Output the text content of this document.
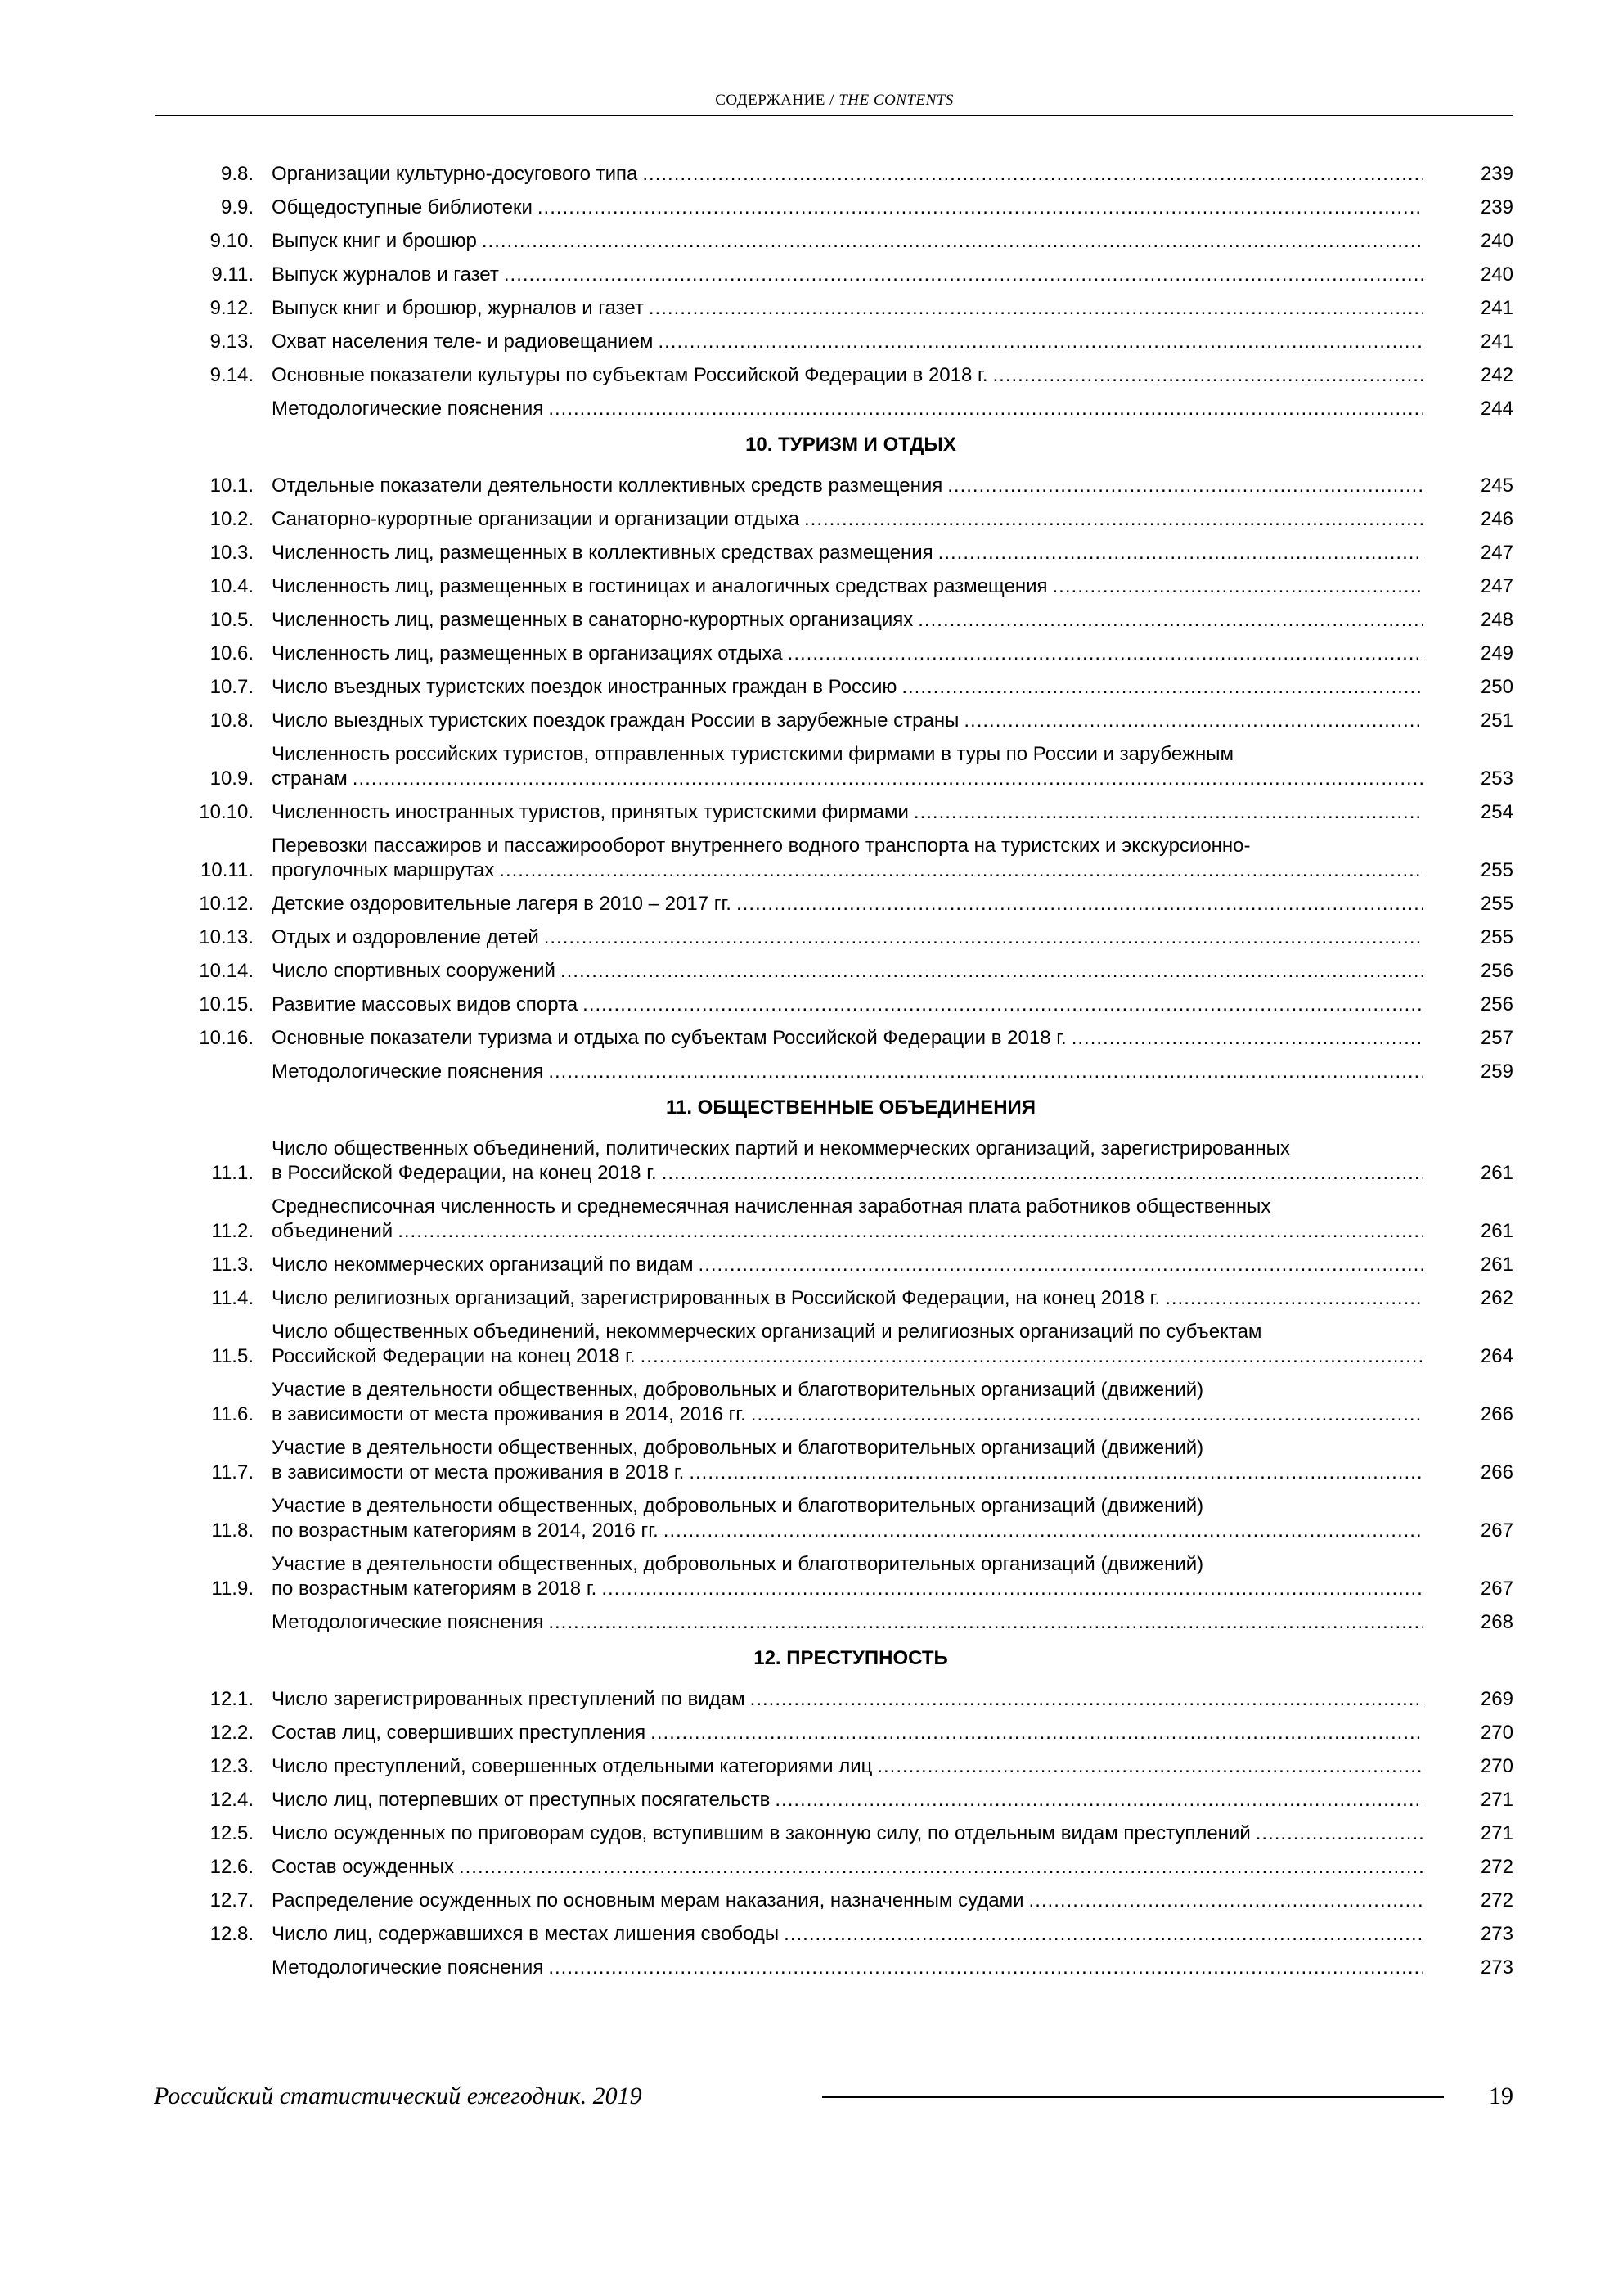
СОДЕРЖАНИЕ / THE CONTENTS
9.8. Организации культурно-досугового типа .....	239
9.9. Общедоступные библиотеки .....	239
9.10. Выпуск книг и брошюр .....	240
9.11. Выпуск журналов и газет .....	240
9.12. Выпуск книг и брошюр, журналов и газет .....	241
9.13. Охват населения теле- и радиовещанием .....	241
9.14. Основные показатели культуры по субъектам Российской Федерации в 2018 г. .....	242
Методологические пояснения .....	244
10. ТУРИЗМ И ОТДЫХ
10.1. Отдельные показатели деятельности коллективных средств размещения .....	245
10.2. Санаторно-курортные организации и организации отдыха .....	246
10.3. Численность лиц, размещенных в коллективных средствах размещения .....	247
10.4. Численность лиц, размещенных в гостиницах и аналогичных средствах размещения .....	247
10.5. Численность лиц, размещенных в санаторно-курортных организациях .....	248
10.6. Численность лиц, размещенных в организациях отдыха .....	249
10.7. Число въездных туристских поездок иностранных граждан в Россию .....	250
10.8. Число выездных туристских поездок граждан России в зарубежные страны .....	251
10.9.
Численность российских туристов, отправленных туристскими фирмами в туры по России и зарубежным
странам .....	253
10.10. Численность иностранных туристов, принятых туристскими фирмами .....	254
10.11.
Перевозки пассажиров и пассажирооборот внутреннего водного транспорта на туристских и экскурсионно-
прогулочных маршрутах .....	255
10.12. Детские оздоровительные лагеря в 2010 – 2017 гг. .....	255
10.13. Отдых и оздоровление детей .....	255
10.14. Число спортивных сооружений .....	256
10.15. Развитие массовых видов спорта .....	256
10.16. Основные показатели туризма и отдыха по субъектам Российской Федерации в 2018 г. .....	257
Методологические пояснения .....	259
11. ОБЩЕСТВЕННЫЕ ОБЪЕДИНЕНИЯ
11.1.
Число общественных объединений, политических партий и некоммерческих организаций, зарегистрированных
в Российской Федерации, на конец 2018 г. .....	261
11.2.
Среднесписочная численность и среднемесячная начисленная заработная плата работников общественных
объединений .....	261
11.3. Число некоммерческих организаций по видам .....	261
11.4. Число религиозных организаций, зарегистрированных в Российской Федерации, на конец 2018 г. .....	262
11.5.
Число общественных объединений, некоммерческих организаций и религиозных организаций по субъектам
Российской Федерации на конец 2018 г. .....	264
11.6.
Участие в деятельности общественных, добровольных и благотворительных организаций (движений)
в зависимости от места проживания в 2014, 2016 гг. .....	266
11.7.
Участие в деятельности общественных, добровольных и благотворительных организаций (движений)
в зависимости от места проживания в 2018 г. .....	266
11.8.
Участие в деятельности общественных, добровольных и благотворительных организаций (движений)
по возрастным категориям в 2014, 2016 гг. .....	267
11.9.
Участие в деятельности общественных, добровольных и благотворительных организаций (движений)
по возрастным категориям в 2018 г. .....	267
Методологические пояснения .....	268
12. ПРЕСТУПНОСТЬ
12.1. Число зарегистрированных преступлений по видам .....	269
12.2. Состав лиц, совершивших преступления .....	270
12.3. Число преступлений, совершенных отдельными категориями лиц .....	270
12.4. Число лиц, потерпевших от преступных посягательств .....	271
12.5. Число осужденных по приговорам судов, вступившим в законную силу, по отдельным видам преступлений .....	271
12.6. Состав осужденных .....	272
12.7. Распределение осужденных по основным мерам наказания, назначенным судами .....	272
12.8. Число лиц, содержавшихся в местах лишения свободы .....	273
Методологические пояснения .....	273
Российский статистический ежегодник. 2019	19
